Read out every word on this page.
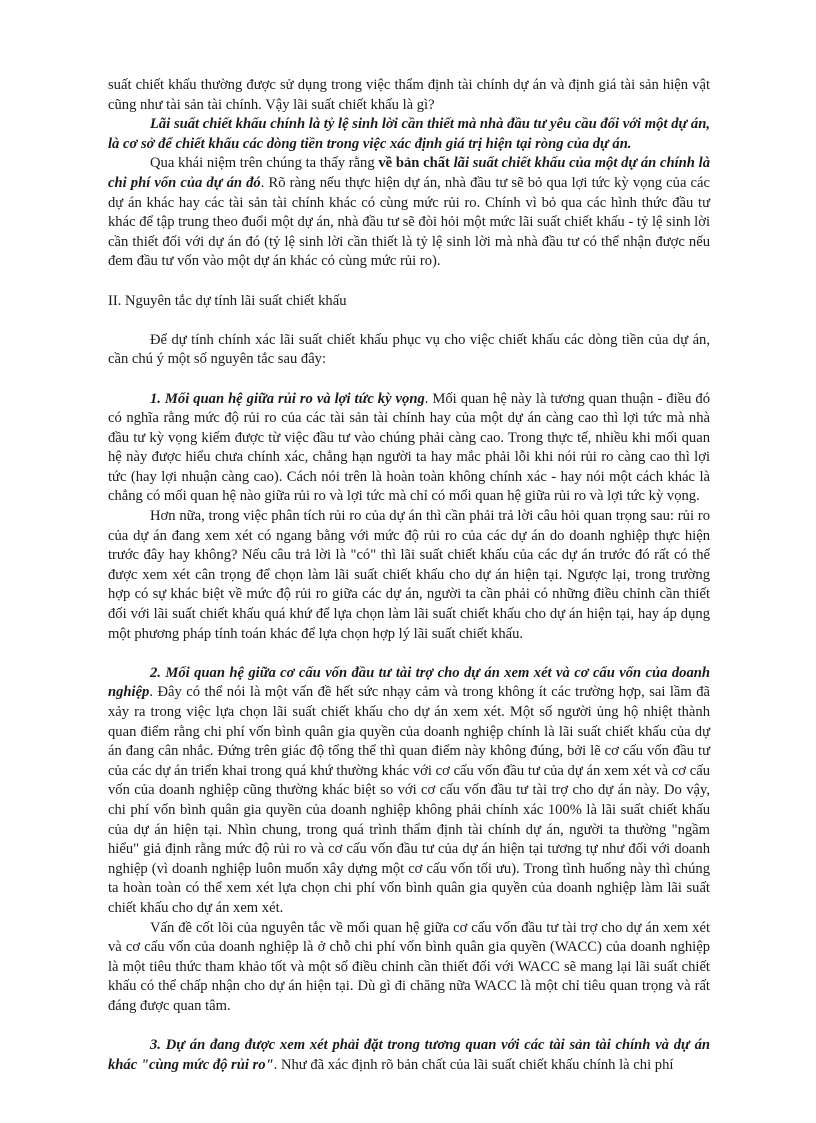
suất chiết khấu thường được sử dụng trong việc thẩm định tài chính dự án và định giá tài sản hiện vật cũng như tài sản tài chính. Vậy lãi suất chiết khấu là gì?

Lãi suất chiết khấu chính là tỷ lệ sinh lời cần thiết mà nhà đầu tư yêu cầu đối với một dự án, là cơ sở để chiết khấu các dòng tiền trong việc xác định giá trị hiện tại ròng của dự án.

Qua khái niệm trên chúng ta thấy rằng về bản chất lãi suất chiết khấu của một dự án chính là chi phí vốn của dự án đó. Rõ ràng nếu thực hiện dự án, nhà đầu tư sẽ bỏ qua lợi tức kỳ vọng của các dự án khác hay các tài sản tài chính khác có cùng mức rủi ro. Chính vì bỏ qua các hình thức đầu tư khác để tập trung theo đuổi một dự án, nhà đầu tư sẽ đòi hỏi một mức lãi suất chiết khấu - tỷ lệ sinh lời cần thiết đối với dự án đó (tỷ lệ sinh lời cần thiết là tỷ lệ sinh lời mà nhà đầu tư có thể nhận được nếu đem đầu tư vốn vào một dự án khác có cùng mức rủi ro).

II. Nguyên tắc dự tính lãi suất chiết khấu

Để dự tính chính xác lãi suất chiết khấu phục vụ cho việc chiết khấu các dòng tiền của dự án, cần chú ý một số nguyên tắc sau đây:

1. Mối quan hệ giữa rủi ro và lợi tức kỳ vọng. Mối quan hệ này là tương quan thuận - điều đó có nghĩa rằng mức độ rủi ro của các tài sản tài chính hay của một dự án càng cao thì lợi tức mà nhà đầu tư kỳ vọng kiếm được từ việc đầu tư vào chúng phải càng cao. Trong thực tế, nhiều khi mối quan hệ này được hiểu chưa chính xác, chẳng hạn người ta hay mắc phải lỗi khi nói rủi ro càng cao thì lợi tức (hay lợi nhuận càng cao). Cách nói trên là hoàn toàn không chính xác - hay nói một cách khác là chẳng có mối quan hệ nào giữa rủi ro và lợi tức mà chỉ có mối quan hệ giữa rủi ro và lợi tức kỳ vọng.

Hơn nữa, trong việc phân tích rủi ro của dự án thì cần phải trả lời câu hỏi quan trọng sau: rủi ro của dự án đang xem xét có ngang bằng với mức độ rủi ro của các dự án do doanh nghiệp thực hiện trước đây hay không? Nếu câu trả lời là "có" thì lãi suất chiết khấu của các dự án trước đó rất có thể được xem xét cân trọng để chọn làm lãi suất chiết khấu cho dự án hiện tại. Ngược lại, trong trường hợp có sự khác biệt về mức độ rủi ro giữa các dự án, người ta cần phải có những điều chỉnh cần thiết đối với lãi suất chiết khấu quá khứ để lựa chọn làm lãi suất chiết khấu cho dự án hiện tại, hay áp dụng một phương pháp tính toán khác để lựa chọn hợp lý lãi suất chiết khấu.

2. Mối quan hệ giữa cơ cấu vốn đầu tư tài trợ cho dự án xem xét và cơ cấu vốn của doanh nghiệp. Đây có thể nói là một vấn đề hết sức nhạy cảm và trong không ít các trường hợp, sai lầm đã xảy ra trong việc lựa chọn lãi suất chiết khấu cho dự án xem xét. Một số người ủng hộ nhiệt thành quan điểm rằng chi phí vốn bình quân gia quyền của doanh nghiệp chính là lãi suất chiết khấu của dự án đang cân nhắc. Đứng trên giác độ tổng thể thì quan điểm này không đúng, bởi lẽ cơ cấu vốn đầu tư của các dự án triển khai trong quá khứ thường khác với cơ cấu vốn đầu tư của dự án xem xét và cơ cấu vốn của doanh nghiệp cũng thường khác biệt so với cơ cấu vốn đầu tư tài trợ cho dự án này. Do vậy, chi phí vốn bình quân gia quyền của doanh nghiệp không phải chính xác 100% là lãi suất chiết khấu của dự án hiện tại. Nhìn chung, trong quá trình thẩm định tài chính dự án, người ta thường "ngầm hiểu" giả định rằng mức độ rủi ro và cơ cấu vốn đầu tư của dự án hiện tại tương tự như đối với doanh nghiệp (vì doanh nghiệp luôn muốn xây dựng một cơ cấu vốn tối ưu). Trong tình huống này thì chúng ta hoàn toàn có thể xem xét lựa chọn chi phí vốn bình quân gia quyền của doanh nghiệp làm lãi suất chiết khấu cho dự án xem xét.

Vấn đề cốt lõi của nguyên tắc về mối quan hệ giữa cơ cấu vốn đầu tư tài trợ cho dự án xem xét và cơ cấu vốn của doanh nghiệp là ở chỗ chi phí vốn bình quân gia quyền (WACC) của doanh nghiệp là một tiêu thức tham khảo tốt và một số điều chỉnh cần thiết đối với WACC sẽ mang lại lãi suất chiết khấu có thể chấp nhận cho dự án hiện tại. Dù gì đi chăng nữa WACC là một chỉ tiêu quan trọng và rất đáng được quan tâm.

3. Dự án đang được xem xét phải đặt trong tương quan với các tài sản tài chính và dự án khác "cùng mức độ rủi ro". Như đã xác định rõ bản chất của lãi suất chiết khấu chính là chi phí
